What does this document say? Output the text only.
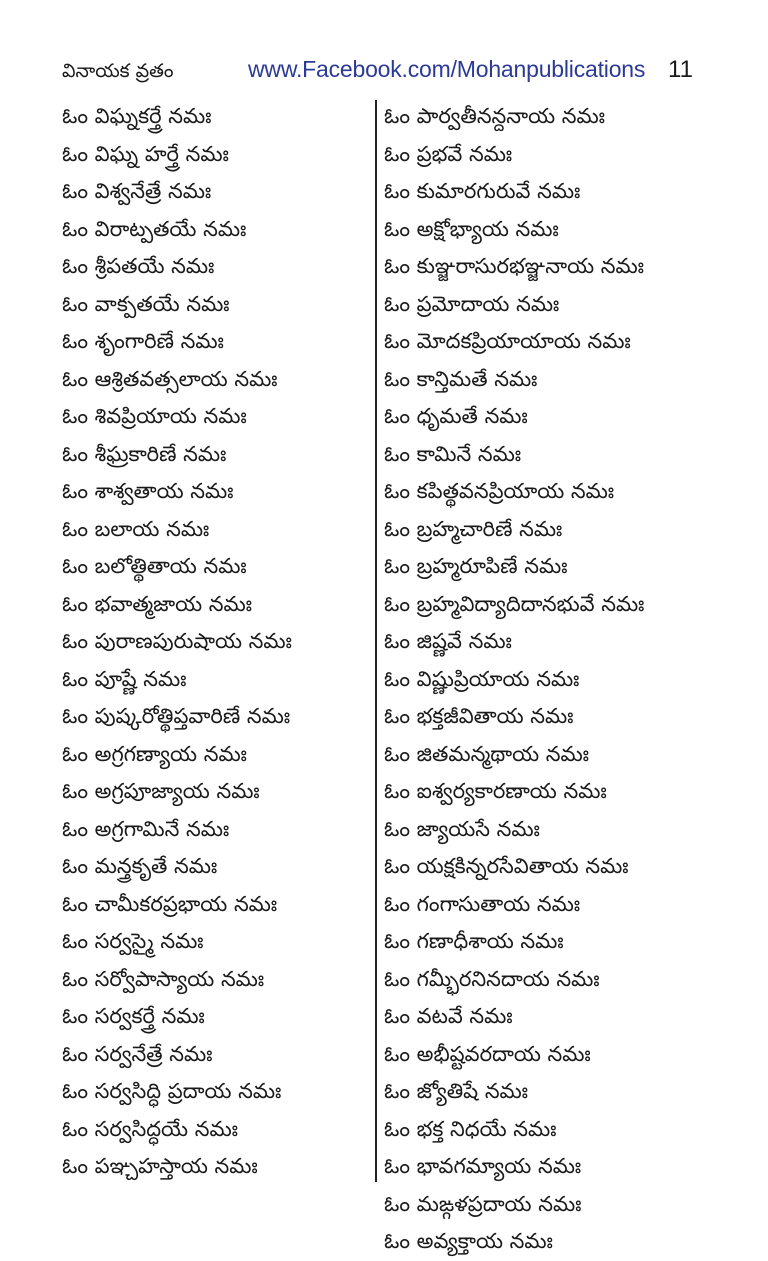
వినాయక వ్రతం	www.Facebook.com/Mohanpublications 11
ఓం విఘ్నకర్త్రే నమః
ఓం విఘ్న హర్త్రే నమః
ఓం విశ్వనేత్రే నమః
ఓం విరాట్పతయే నమః
ఓం శ్రీపతయే నమః
ఓం వాక్పతయే నమః
ఓం శృంగారిణే నమః
ఓం ఆశ్రితవత్సలాయ నమః
ఓం శివప్రియాయ నమః
ఓం శీఘ్రకారిణే నమః
ఓం శాశ్వతాయ నమః
ఓం బలాయ నమః
ఓం బలోత్థితాయ నమః
ఓం భవాత్మజాయ నమః
ఓం పురాణపురుషాయ నమః
ఓం పూష్ణే నమః
ఓం పుష్కరోత్థిప్తవారిణే నమః
ఓం అగ్రగణ్యాయ నమః
ఓం అగ్రపూజ్యాయ నమః
ఓం అగ్రగామినే నమః
ఓం మన్త్రకృతే నమః
ఓం చామీకరప్రభాయ నమః
ఓం సర్వస్మై నమః
ఓం సర్వోపాస్యాయ నమః
ఓం సర్వకర్త్రే నమః
ఓం సర్వనేత్రే నమః
ఓం సర్వసిద్ధి ప్రదాయ నమః
ఓం సర్వసిద్ధయే నమః
ఓం పఞ్చహస్తాయ నమః
ఓం పార్వతీనన్దనాయ నమః
ఓం ప్రభవే నమః
ఓం కుమారగురువే నమః
ఓం అక్షోభ్యాయ నమః
ఓం కుఞ్జరాసురభఞ్జనాయ నమః
ఓం ప్రమోదాయ నమః
ఓం మోదకప్రియాయాయ నమః
ఓం కాన్తిమతే నమః
ఓం ధృమతే నమః
ఓం కామినే నమః
ఓం కపిత్థవనప్రియాయ నమః
ఓం బ్రహ్మచారిణే నమః
ఓం బ్రహ్మరూపిణే నమః
ఓం బ్రహ్మవిద్యాదిదానభువే నమః
ఓం జిష్ణవే నమః
ఓం విష్ణుప్రియాయ నమః
ఓం భక్తజీవితాయ నమః
ఓం జితమన్మథాయ నమః
ఓం ఐశ్వర్యకారణాయ నమః
ఓం జ్యాయసే నమః
ఓం యక్షకిన్నరసేవితాయ నమః
ఓం గంగాసుతాయ నమః
ఓం గణాధీశాయ నమః
ఓం గమ్భీరనినదాయ నమః
ఓం వటవే నమః
ఓం అభీష్టవరదాయ నమః
ఓం జ్యోతిషే నమః
ఓం భక్త నిధయే నమః
ఓం భావగమ్యాయ నమః
ఓం మఙ్గళప్రదాయ నమః
ఓం అవ్యక్తాయ నమః
